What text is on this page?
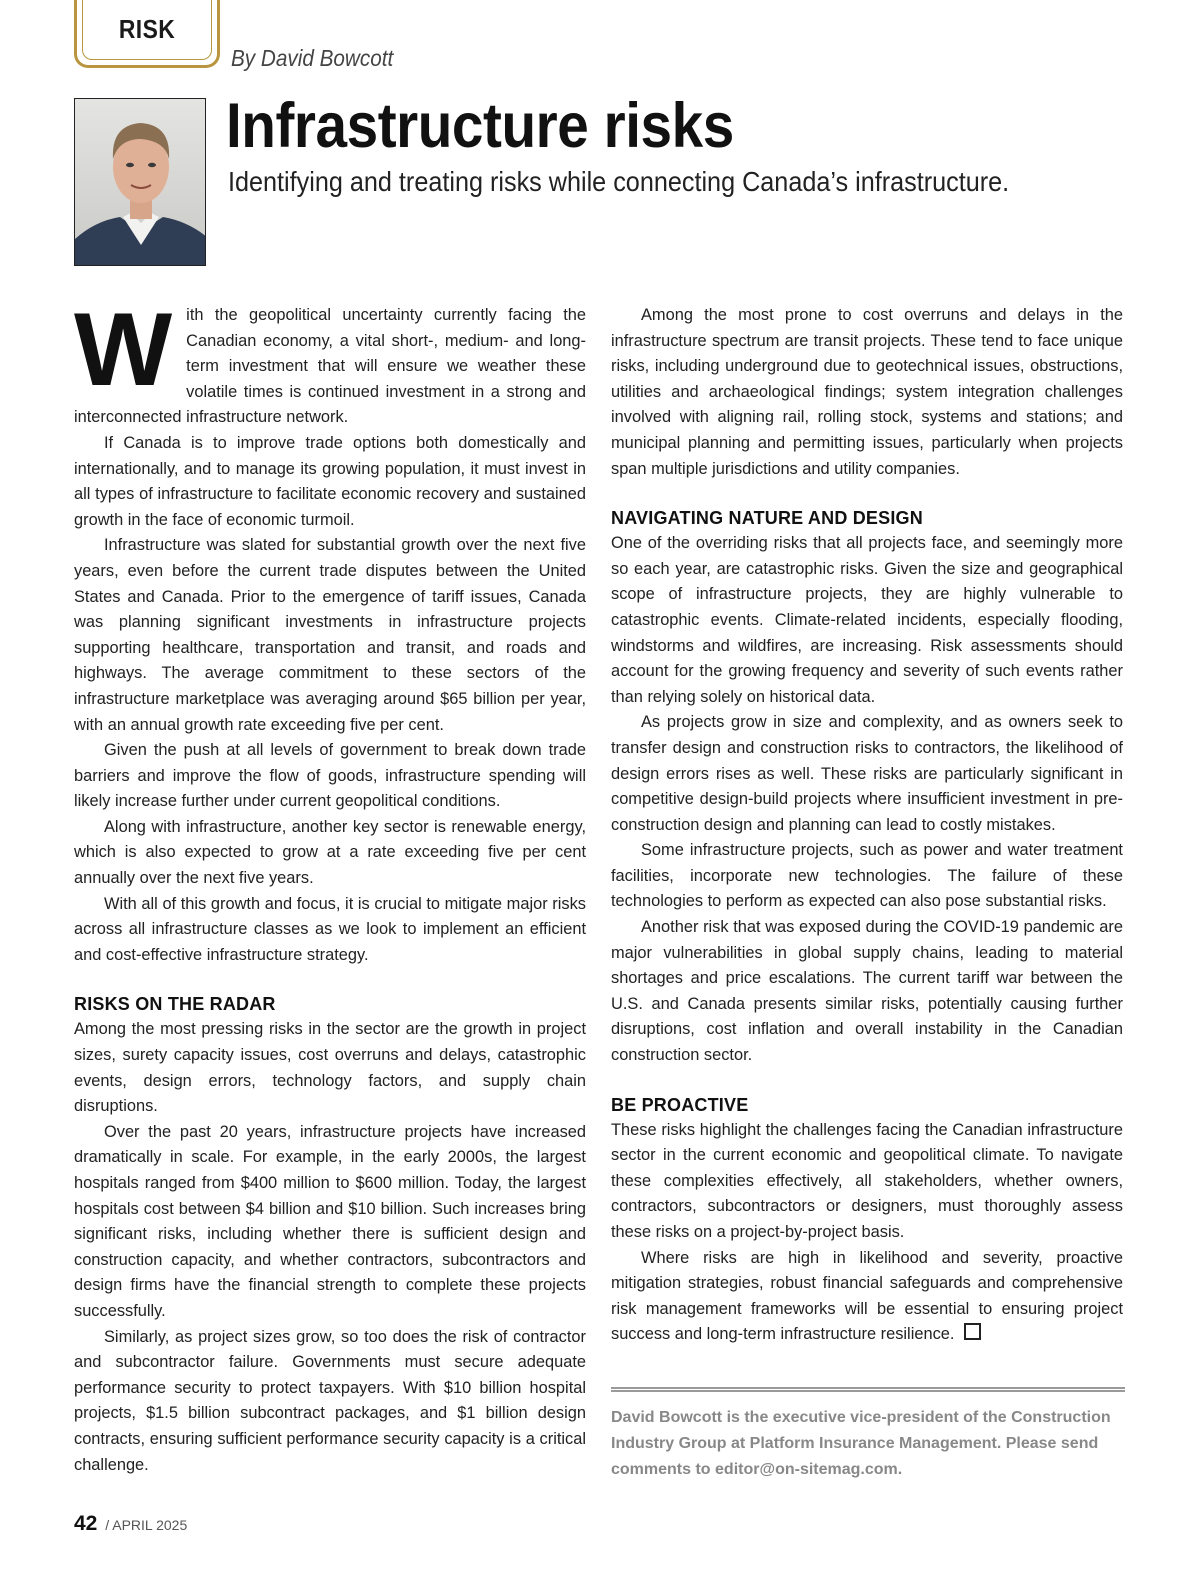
RISK
By David Bowcott
Infrastructure risks
Identifying and treating risks while connecting Canada’s infrastructure.

With the geopolitical uncertainty currently facing the Canadian economy, a vital short-, medium- and long-term investment that will ensure we weather these volatile times is continued investment in a strong and interconnected infrastructure network.

If Canada is to improve trade options both domestically and internationally, and to manage its growing population, it must invest in all types of infrastructure to facilitate economic recovery and sustained growth in the face of economic turmoil.

Infrastructure was slated for substantial growth over the next five years, even before the current trade disputes between the United States and Canada. Prior to the emergence of tariff issues, Canada was planning significant investments in infrastructure projects supporting healthcare, transportation and transit, and roads and highways. The average commitment to these sectors of the infrastructure marketplace was averaging around $65 billion per year, with an annual growth rate exceeding five per cent.

Given the push at all levels of government to break down trade barriers and improve the flow of goods, infrastructure spending will likely increase further under current geopolitical conditions.

Along with infrastructure, another key sector is renewable energy, which is also expected to grow at a rate exceeding five per cent annually over the next five years.

With all of this growth and focus, it is crucial to mitigate major risks across all infrastructure classes as we look to implement an efficient and cost-effective infrastructure strategy.

RISKS ON THE RADAR

Among the most pressing risks in the sector are the growth in project sizes, surety capacity issues, cost overruns and delays, catastrophic events, design errors, technology factors, and supply chain disruptions.

Over the past 20 years, infrastructure projects have increased dramatically in scale. For example, in the early 2000s, the largest hospitals ranged from $400 million to $600 million. Today, the largest hospitals cost between $4 billion and $10 billion. Such increases bring significant risks, including whether there is sufficient design and construction capacity, and whether contractors, subcontractors and design firms have the financial strength to complete these projects successfully.

Similarly, as project sizes grow, so too does the risk of contractor and subcontractor failure. Governments must secure adequate performance security to protect taxpayers. With $10 billion hospital projects, $1.5 billion subcontract packages, and $1 billion design contracts, ensuring sufficient performance security capacity is a critical challenge.

Among the most prone to cost overruns and delays in the infrastructure spectrum are transit projects. These tend to face unique risks, including underground due to geotechnical issues, obstructions, utilities and archaeological findings; system integration challenges involved with aligning rail, rolling stock, systems and stations; and municipal planning and permitting issues, particularly when projects span multiple jurisdictions and utility companies.

NAVIGATING NATURE AND DESIGN

One of the overriding risks that all projects face, and seemingly more so each year, are catastrophic risks. Given the size and geographical scope of infrastructure projects, they are highly vulnerable to catastrophic events. Climate-related incidents, especially flooding, windstorms and wildfires, are increasing. Risk assessments should account for the growing frequency and severity of such events rather than relying solely on historical data.

As projects grow in size and complexity, and as owners seek to transfer design and construction risks to contractors, the likelihood of design errors rises as well. These risks are particularly significant in competitive design-build projects where insufficient investment in pre-construction design and planning can lead to costly mistakes.

Some infrastructure projects, such as power and water treatment facilities, incorporate new technologies. The failure of these technologies to perform as expected can also pose substantial risks.

Another risk that was exposed during the COVID-19 pandemic are major vulnerabilities in global supply chains, leading to material shortages and price escalations. The current tariff war between the U.S. and Canada presents similar risks, potentially causing further disruptions, cost inflation and overall instability in the Canadian construction sector.

BE PROACTIVE

These risks highlight the challenges facing the Canadian infrastructure sector in the current economic and geopolitical climate. To navigate these complexities effectively, all stakeholders, whether owners, contractors, subcontractors or designers, must thoroughly assess these risks on a project-by-project basis.

Where risks are high in likelihood and severity, proactive mitigation strategies, robust financial safeguards and comprehensive risk management frameworks will be essential to ensuring project success and long-term infrastructure resilience.

David Bowcott is the executive vice-president of the Construction Industry Group at Platform Insurance Management. Please send comments to editor@on-sitemag.com.
42 / APRIL 2025
